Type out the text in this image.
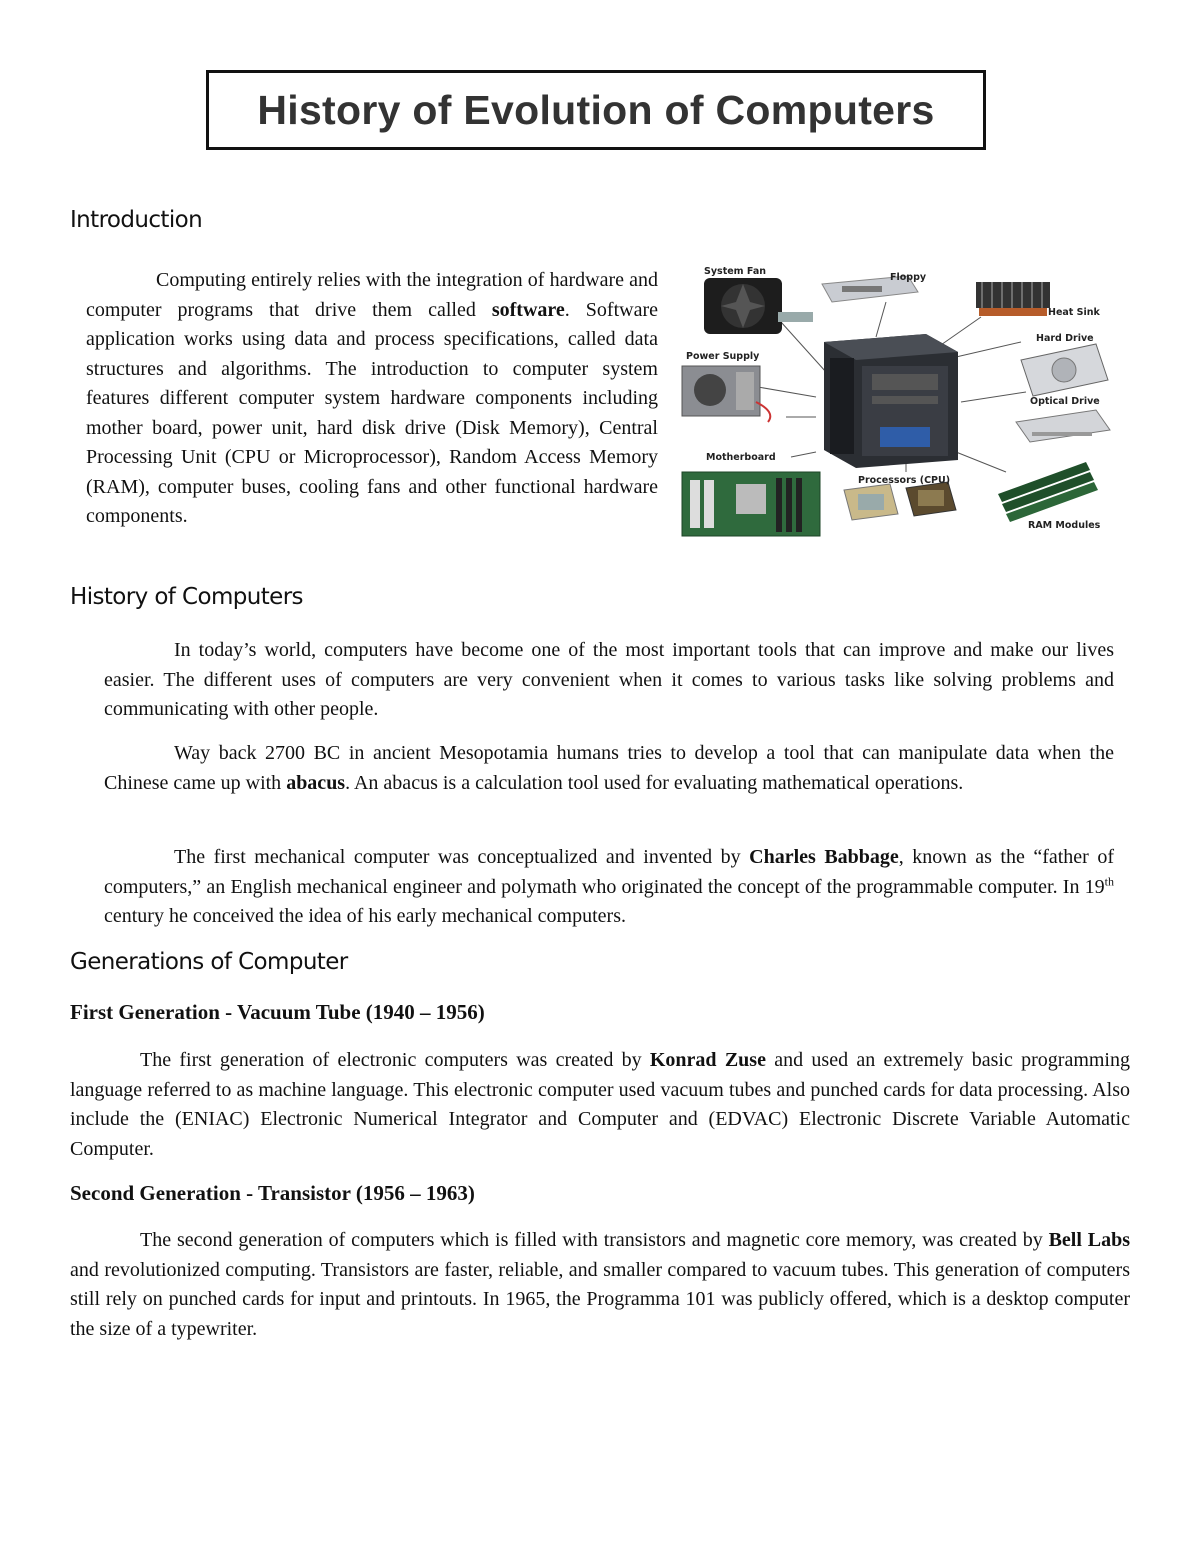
History of Evolution of Computers
Introduction

Computing entirely relies with the integration of hardware and computer programs that drive them called software. Software application works using data and process specifications, called data structures and algorithms. The introduction to computer system features different computer system hardware components including mother board, power unit, hard disk drive (Disk Memory), Central Processing Unit (CPU or Microprocessor), Random Access Memory (RAM), computer buses, cooling fans and other functional hardware components.

System Fan
Floppy
Heat Sink
Hard Drive
Power Supply
Optical Drive
Motherboard
Processors (CPU)
RAM Modules
History of Computers

In today’s world, computers have become one of the most important tools that can improve and make our lives easier. The different uses of computers are very convenient when it comes to various tasks like solving problems and communicating with other people.

Way back 2700 BC in ancient Mesopotamia humans tries to develop a tool that can manipulate data when the Chinese came up with abacus. An abacus is a calculation tool used for evaluating mathematical operations.

The first mechanical computer was conceptualized and invented by Charles Babbage, known as the “father of computers,” an English mechanical engineer and polymath who originated the concept of the programmable computer. In 19th century he conceived the idea of his early mechanical computers.

Generations of Computer
First Generation - Vacuum Tube (1940 – 1956)

The first generation of electronic computers was created by Konrad Zuse and used an extremely basic programming language referred to as machine language. This electronic computer used vacuum tubes and punched cards for data processing. Also include the (ENIAC) Electronic Numerical Integrator and Computer and (EDVAC) Electronic Discrete Variable Automatic Computer.

Second Generation - Transistor (1956 – 1963)

The second generation of computers which is filled with transistors and magnetic core memory, was created by Bell Labs and revolutionized computing. Transistors are faster, reliable, and smaller compared to vacuum tubes. This generation of computers still rely on punched cards for input and printouts. In 1965, the Programma 101 was publicly offered, which is a desktop computer the size of a typewriter.
